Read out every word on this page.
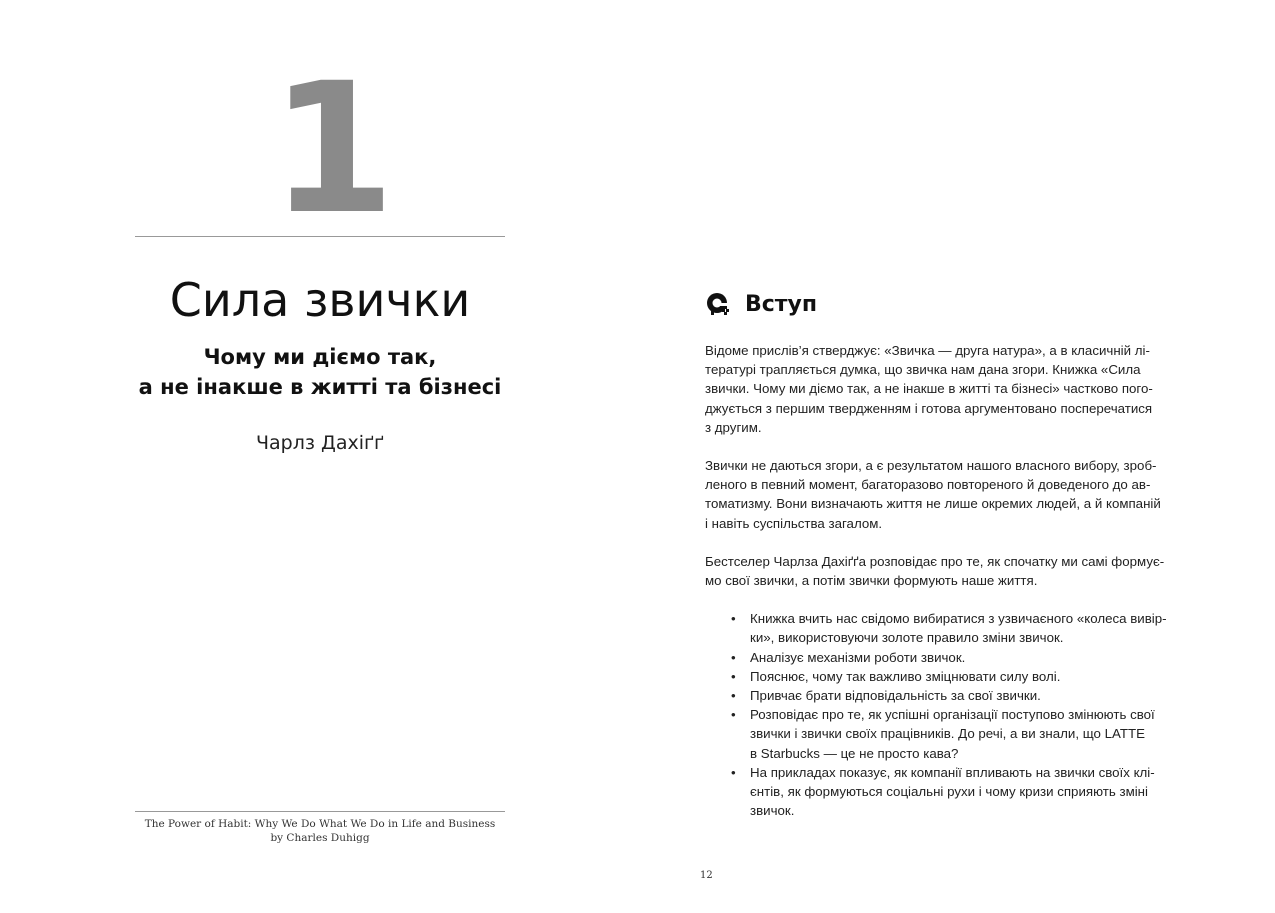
1
Сила звички
Чому ми діємо так,
а не інакше в житті та бізнесі
Чарлз Дахіґґ
The Power of Habit: Why We Do What We Do in Life and Business
by Charles Duhigg
Вступ

Відоме прислів’я стверджує: «Звичка — друга натура», а в класичній лі-
тературі трапляється думка, що звичка нам дана згори. Книжка «Сила
звички. Чому ми діємо так, а не інакше в житті та бізнесі» частково пого-
джується з першим твердженням і готова аргументовано посперечатися
з другим.

Звички не даються згори, а є результатом нашого власного вибору, зроб-
леного в певний момент, багаторазово повтореного й доведеного до ав-
томатизму. Вони визначають життя не лише окремих людей, а й компаній
і навіть суспільства загалом.

Бестселер Чарлза Дахіґґа розповідає про те, як спочатку ми самі формує-
мо свої звички, а потім звички формують наше життя.

• Книжка вчить нас свідомо вибиратися з узвичаєного «колеса вивір-
ки», використовуючи золоте правило зміни звичок.
• Аналізує механізми роботи звичок.
• Пояснює, чому так важливо зміцнювати силу волі.
• Привчає брати відповідальність за свої звички.
• Розповідає про те, як успішні організації поступово змінюють свої
звички і звички своїх працівників. До речі, а ви знали, що LATTE
в Starbucks — це не просто кава?
• На прикладах показує, як компанії впливають на звички своїх клі-
єнтів, як формуються соціальні рухи і чому кризи сприяють зміні
звичок.
12
